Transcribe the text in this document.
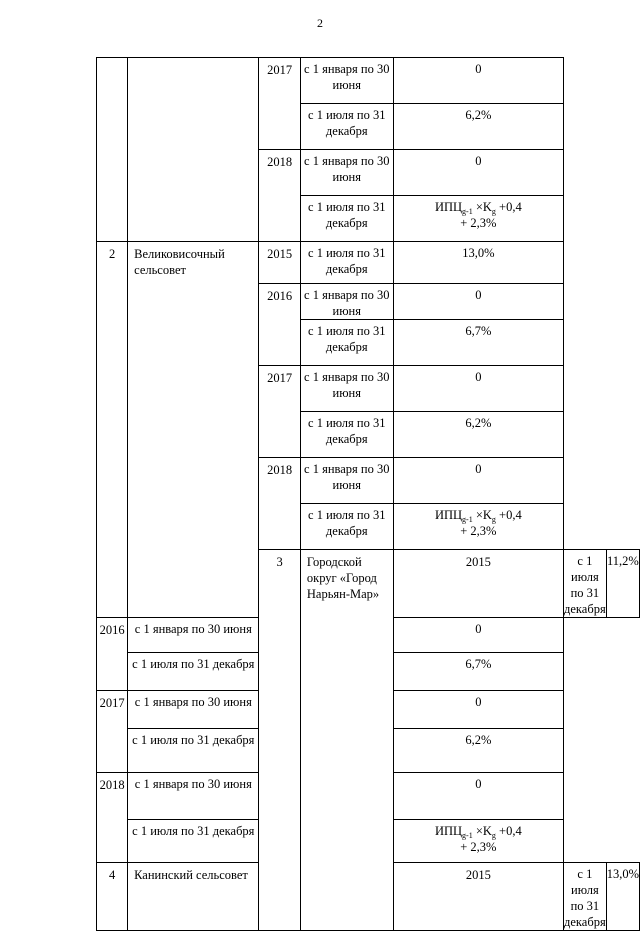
2
		2017	с 1 января по 30 июня	0		
			с 1 июля по 31 декабря	6,2%		
		2018	с 1 января по 30 июня	0		
			с 1 июля по 31 декабря	$ИПЦ_{g-1} \times K_g +0,4$
+ 2,3%		
2	Великовисочный сельсовет	2015	с 1 июля по 31 декабря	13,0%		
		2016	с 1 января по 30 июня	0		
			с 1 июля по 31 декабря	6,7%		
		2017	с 1 января по 30 июня	0		
			с 1 июля по 31 декабря	6,2%		
		2018	с 1 января по 30 июня	0		
			с 1 июля по 31 декабря	$ИПЦ_{g-1} \times K_g +0,4$
+ 2,3%		
		3	Городской округ «Город Нарьян-Мар»	2015	с 1 июля по 31 декабря	11,2%
2016	с 1 января по 30 июня			0		
	с 1 июля по 31 декабря			6,7%		
2017	с 1 января по 30 июня			0		
	с 1 июля по 31 декабря			6,2%		
2018	с 1 января по 30 июня			0		
	с 1 июля по 31 декабря			$ИПЦ_{g-1} \times K_g +0,4$
+ 2,3%		
4	Канинский сельсовет			2015	с 1 июля по 31 декабря	13,0%
